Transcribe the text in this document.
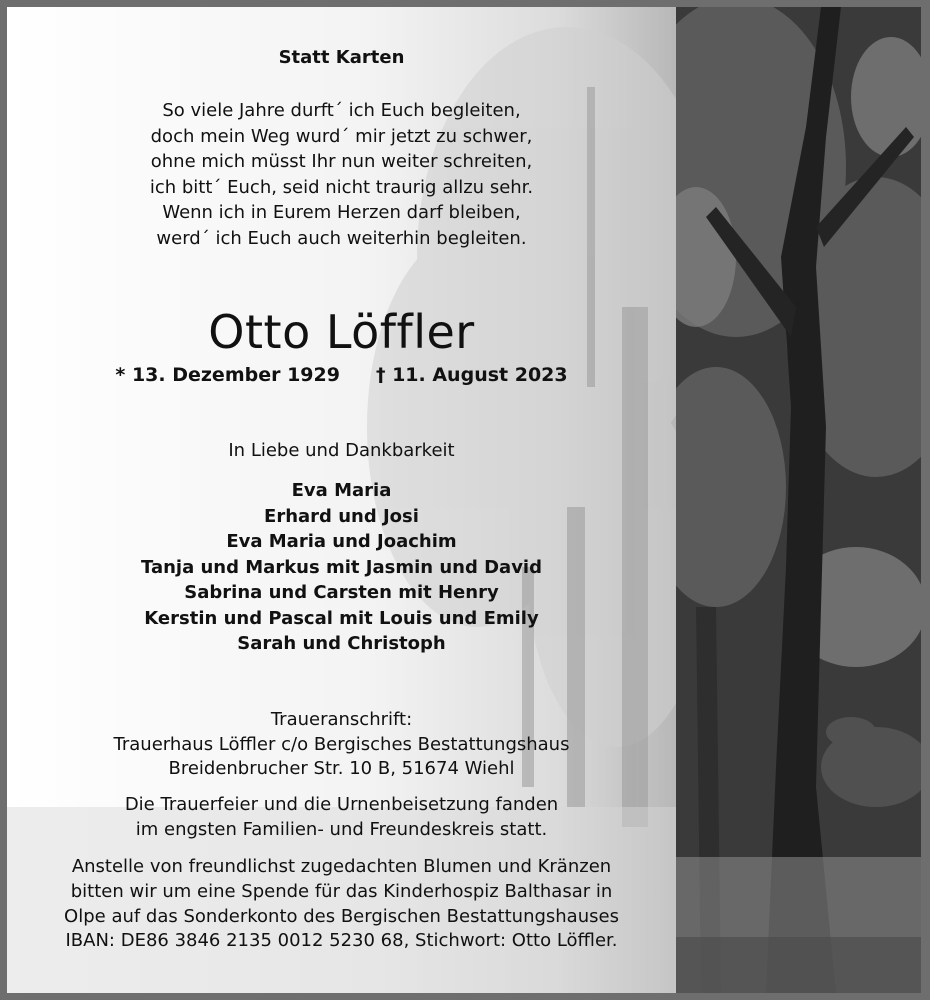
Statt Karten
So viele Jahre durft´ ich Euch begleiten,
doch mein Weg wurd´ mir jetzt zu schwer,
ohne mich müsst Ihr nun weiter schreiten,
ich bitt´ Euch, seid nicht traurig allzu sehr.
Wenn ich in Eurem Herzen darf bleiben,
werd´ ich Euch auch weiterhin begleiten.
Otto Löffler
* 13. Dezember 1929 † 11. August 2023
In Liebe und Dankbarkeit
Eva Maria
Erhard und Josi
Eva Maria und Joachim
Tanja und Markus mit Jasmin und David
Sabrina und Carsten mit Henry
Kerstin und Pascal mit Louis und Emily
Sarah und Christoph
Traueranschrift:
Trauerhaus Löffler c/o Bergisches Bestattungshaus
Breidenbrucher Str. 10 B, 51674 Wiehl
Die Trauerfeier und die Urnenbeisetzung fanden
im engsten Familien- und Freundeskreis statt.
Anstelle von freundlichst zugedachten Blumen und Kränzen
bitten wir um eine Spende für das Kinderhospiz Balthasar in
Olpe auf das Sonderkonto des Bergischen Bestattungshauses
IBAN: DE86 3846 2135 0012 5230 68, Stichwort: Otto Löffler.
